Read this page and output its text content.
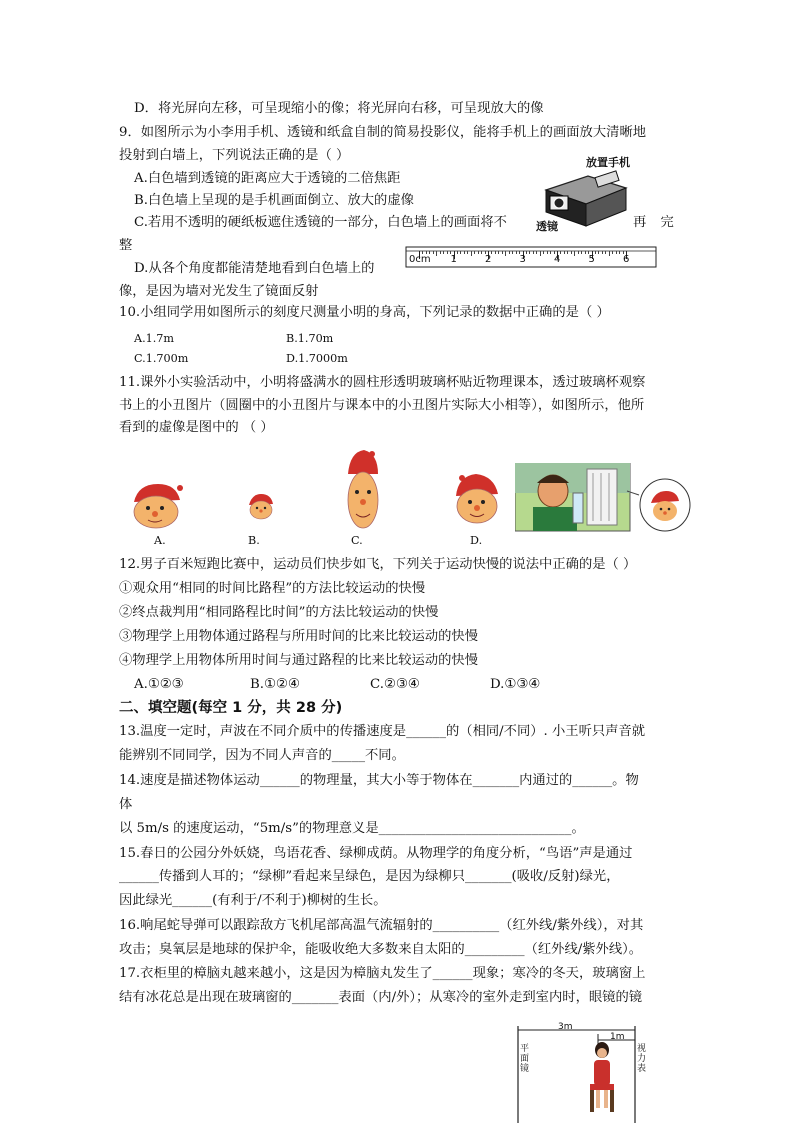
D．将光屏向左移，可呈现缩小的像；将光屏向右移，可呈现放大的像
9．如图所示为小李用手机、透镜和纸盒自制的简易投影仪，能将手机上的画面放大清晰地
投射到白墙上，下列说法正确的是（ ）
A.白色墙到透镜的距离应大于透镜的二倍焦距
B.白色墙上呈现的是手机画面倒立、放大的虚像
C.若用不透明的硬纸板遮住透镜的一部分，白色墙上的画面将不	再 完
整
D.从各个角度都能清楚地看到白色墙上的
像，是因为墙对光发生了镜面反射
放置手机
透镜
0cm 1	2	3	4	5	6
10.小组同学用如图所示的刻度尺测量小明的身高，下列记录的数据中正确的是（ ）
A.1.7m	B.1.70m
C.1.700m	D.1.7000m
11.课外小实验活动中，小明将盛满水的圆柱形透明玻璃杯贴近物理课本，透过玻璃杯观察
书上的小丑图片（圆圈中的小丑图片与课本中的小丑图片实际大小相等），如图所示，他所
看到的虚像是图中的 （ ）
A.	B.	C.	D.
12.男子百米短跑比赛中，运动员们快步如飞，下列关于运动快慢的说法中正确的是（ ）
①观众用“相同的时间比路程”的方法比较运动的快慢
②终点裁判用“相同路程比时间”的方法比较运动的快慢
③物理学上用物体通过路程与所用时间的比来比较运动的快慢
④物理学上用物体所用时间与通过路程的比来比较运动的快慢
A.①②③	B.①②④	C.②③④	D.①③④
二、填空题(每空 1 分，共 28 分)
13.温度一定时，声波在不同介质中的传播速度是______的（相同/不同）. 小王听只声音就
能辨别不同同学，因为不同人声音的_____不同。
14.速度是描述物体运动______的物理量，其大小等于物体在_______内通过的______。物
体
以 5m/s 的速度运动，“5m/s”的物理意义是_____________________________。
15.春日的公园分外妖娆，鸟语花香、绿柳成荫。从物理学的角度分析，“鸟语”声是通过
______传播到人耳的；“绿柳”看起来呈绿色，是因为绿柳只_______(吸收/反射)绿光，
因此绿光______(有利于/不利于)柳树的生长。
16.响尾蛇导弹可以跟踪敌方飞机尾部高温气流辐射的__________（红外线/紫外线），对其
攻击；臭氧层是地球的保护伞，能吸收绝大多数来自太阳的_________（红外线/紫外线）。
17.衣柜里的樟脑丸越来越小，这是因为樟脑丸发生了______现象；寒冷的冬天，玻璃窗上
结有冰花总是出现在玻璃窗的_______表面（内/外）；从寒冷的室外走到室内时，眼镜的镜
3m
1m
平面镜
视力表
